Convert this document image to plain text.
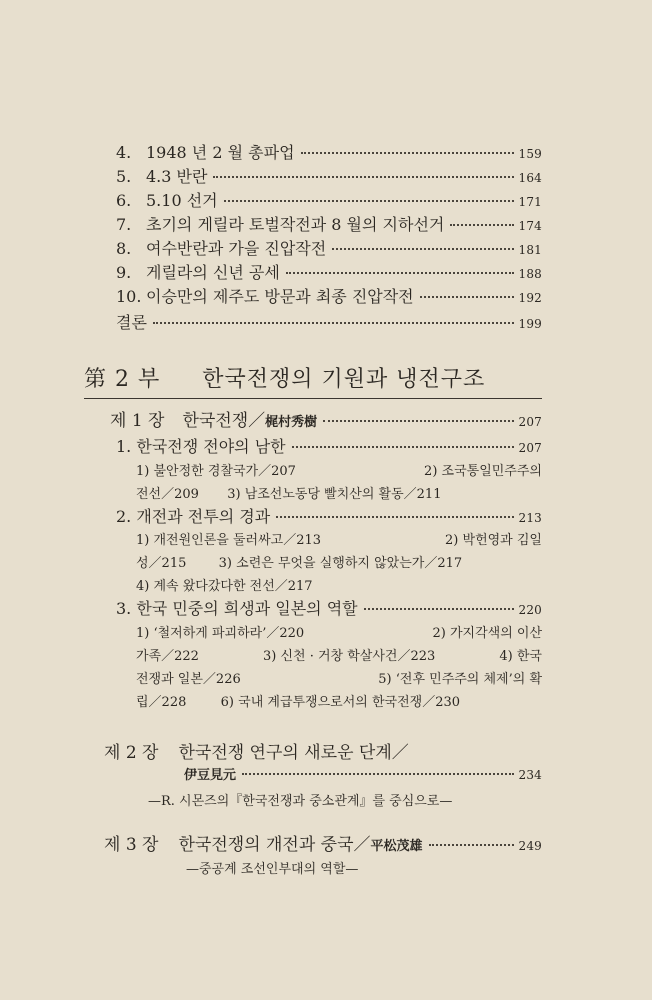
4. 1948 년 2 월 총파업	159
5. 4.3 반란	164
6. 5.10 선거	171
7. 초기의 게릴라 토벌작전과 8 월의 지하선거	174
8. 여수반란과 가을 진압작전	181
9. 게릴라의 신년 공세	188
10. 이승만의 제주도 방문과 최종 진압작전	192
결론	199
第 2 부 한국전쟁의 기원과 냉전구조
제 1 장 한국전쟁／ 梶村秀樹	207
1. 한국전쟁 전야의 남한	207
1) 불안정한 경찰국가／207	2) 조국통일민주주의
전선／209 3) 남조선노동당 빨치산의 활동／211
2. 개전과 전투의 경과	213
1) 개전원인론을 둘러싸고／213	2) 박헌영과 김일
성／215 3) 소련은 무엇을 실행하지 않았는가／217
4) 계속 왔다갔다한 전선／217
3. 한국 민중의 희생과 일본의 역할	220
1) ‘철저하게 파괴하라’／220	2) 가지각색의 이산
가족／222	3) 신천 · 거창 학살사건／223	4) 한국
전쟁과 일본／226	5) ‘전후 민주주의 체제’의 확
립／228	6) 국내 계급투쟁으로서의 한국전쟁／230
제 2 장 한국전쟁 연구의 새로운 단계／
伊豆見元	234
—R. 시몬즈의『한국전쟁과 중소관계』를 중심으로—
제 3 장 한국전쟁의 개전과 중국／ 平松茂雄	249
—중공계 조선인부대의 역할—
